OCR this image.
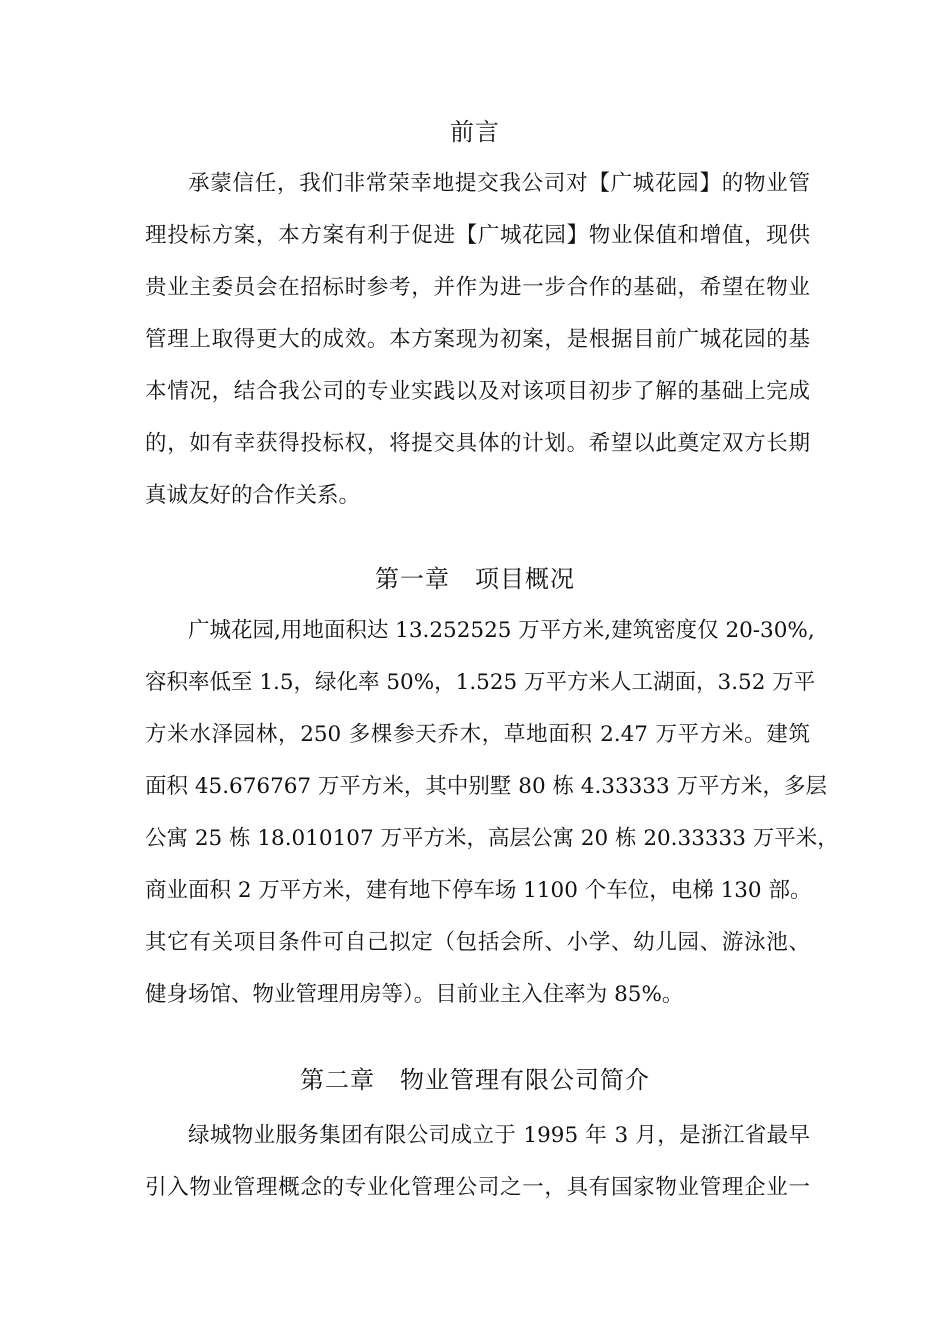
前言
承蒙信任，我们非常荣幸地提交我公司对【广城花园】的物业管
理投标方案，本方案有利于促进【广城花园】物业保值和增值，现供
贵业主委员会在招标时参考，并作为进一步合作的基础，希望在物业
管理上取得更大的成效。本方案现为初案，是根据目前广城花园的基
本情况，结合我公司的专业实践以及对该项目初步了解的基础上完成
的，如有幸获得投标权，将提交具体的计划。希望以此奠定双方长期
真诚友好的合作关系。
第一章　项目概况
广城花园,用地面积达 13.252525 万平方米,建筑密度仅 20-30%,
容积率低至 1.5，绿化率 50%，1.525 万平方米人工湖面，3.52 万平
方米水泽园林，250 多棵参天乔木，草地面积 2.47 万平方米。建筑
面积 45.676767 万平方米，其中别墅 80 栋 4.33333 万平方米，多层
公寓 25 栋 18.010107 万平方米，高层公寓 20 栋 20.33333 万平米，
商业面积 2 万平方米，建有地下停车场 1100 个车位，电梯 130 部。
其它有关项目条件可自己拟定（包括会所、小学、幼儿园、游泳池、
健身场馆、物业管理用房等）。目前业主入住率为 85%。
第二章　物业管理有限公司简介
绿城物业服务集团有限公司成立于 1995 年 3 月，是浙江省最早
引入物业管理概念的专业化管理公司之一，具有国家物业管理企业一
